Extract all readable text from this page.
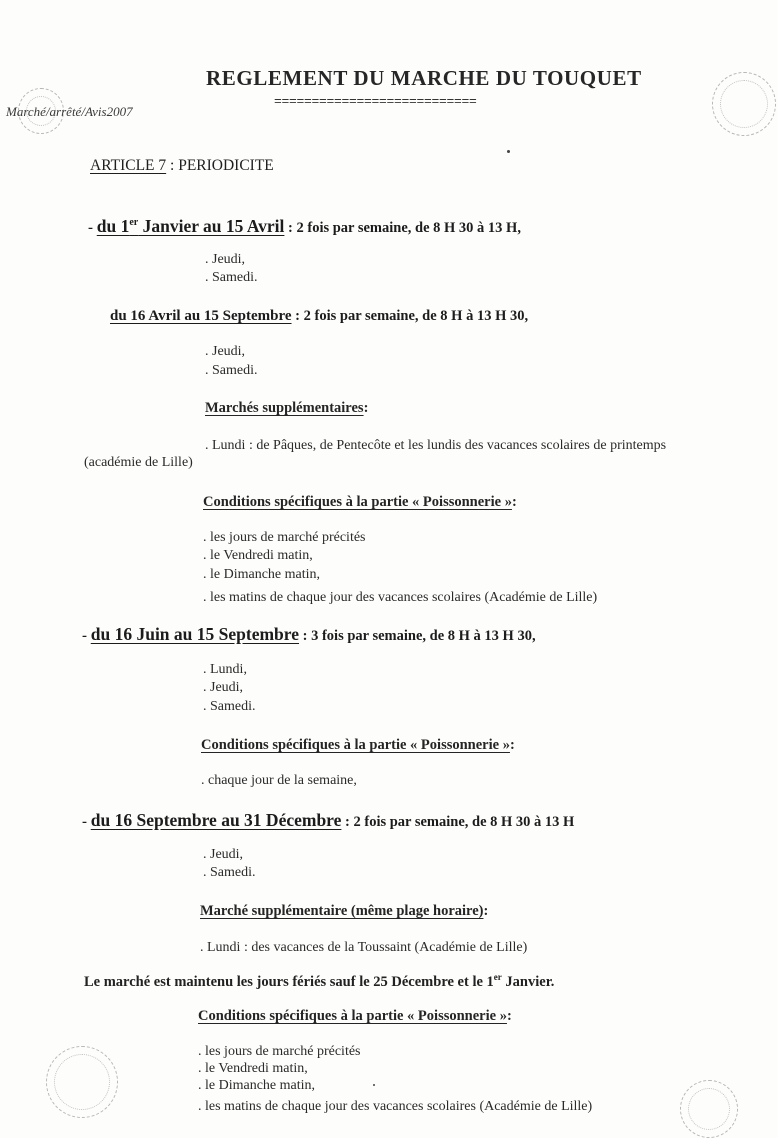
REGLEMENT DU MARCHE DU TOUQUET
===========================
Marché/arrêté/Avis2007
ARTICLE 7 : PERIODICITE
- du 1er Janvier au 15 Avril : 2 fois par semaine, de 8 H 30 à 13 H,
. Jeudi,
. Samedi.
du 16 Avril au 15 Septembre : 2 fois par semaine, de 8 H à 13 H 30,
. Jeudi,
. Samedi.
Marchés supplémentaires:
. Lundi : de Pâques, de Pentecôte et les lundis des vacances scolaires de printemps
(académie de Lille)
Conditions spécifiques à la partie « Poissonnerie »:
. les jours de marché précités
. le Vendredi matin,
. le Dimanche matin,
. les matins de chaque jour des vacances scolaires (Académie de Lille)
- du 16 Juin au 15 Septembre : 3 fois par semaine, de 8 H à 13 H 30,
. Lundi,
. Jeudi,
. Samedi.
Conditions spécifiques à la partie « Poissonnerie »:
. chaque jour de la semaine,
- du 16 Septembre au 31 Décembre : 2 fois par semaine, de 8 H 30 à 13 H
. Jeudi,
. Samedi.
Marché supplémentaire (même plage horaire):
. Lundi : des vacances de la Toussaint (Académie de Lille)
Le marché est maintenu les jours fériés sauf le 25 Décembre et le 1er Janvier.
Conditions spécifiques à la partie « Poissonnerie »:
. les jours de marché précités
. le Vendredi matin,
. le Dimanche matin,
. les matins de chaque jour des vacances scolaires (Académie de Lille)
